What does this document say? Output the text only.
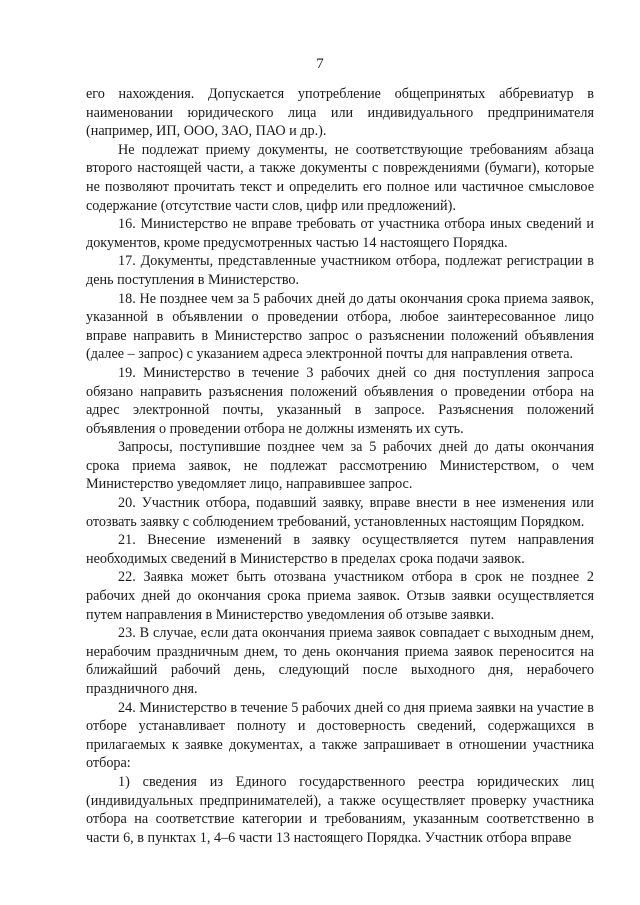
7

его нахождения. Допускается употребление общепринятых аббревиатур в наименовании юридического лица или индивидуального предпринимателя (например, ИП, ООО, ЗАО, ПАО и др.).

Не подлежат приему документы, не соответствующие требованиям абзаца второго настоящей части, а также документы с повреждениями (бумаги), которые не позволяют прочитать текст и определить его полное или частичное смысловое содержание (отсутствие части слов, цифр или предложений).

16. Министерство не вправе требовать от участника отбора иных сведений и документов, кроме предусмотренных частью 14 настоящего Порядка.

17. Документы, представленные участником отбора, подлежат регистрации в день поступления в Министерство.

18. Не позднее чем за 5 рабочих дней до даты окончания срока приема заявок, указанной в объявлении о проведении отбора, любое заинтересованное лицо вправе направить в Министерство запрос о разъяснении положений объявления (далее – запрос) с указанием адреса электронной почты для направления ответа.

19. Министерство в течение 3 рабочих дней со дня поступления запроса обязано направить разъяснения положений объявления о проведении отбора на адрес электронной почты, указанный в запросе. Разъяснения положений объявления о проведении отбора не должны изменять их суть.

Запросы, поступившие позднее чем за 5 рабочих дней до даты окончания срока приема заявок, не подлежат рассмотрению Министерством, о чем Министерство уведомляет лицо, направившее запрос.

20. Участник отбора, подавший заявку, вправе внести в нее изменения или отозвать заявку с соблюдением требований, установленных настоящим Порядком.

21. Внесение изменений в заявку осуществляется путем направления необходимых сведений в Министерство в пределах срока подачи заявок.

22. Заявка может быть отозвана участником отбора в срок не позднее 2 рабочих дней до окончания срока приема заявок. Отзыв заявки осуществляется путем направления в Министерство уведомления об отзыве заявки.

23. В случае, если дата окончания приема заявок совпадает с выходным днем, нерабочим праздничным днем, то день окончания приема заявок переносится на ближайший рабочий день, следующий после выходного дня, нерабочего праздничного дня.

24. Министерство в течение 5 рабочих дней со дня приема заявки на участие в отборе устанавливает полноту и достоверность сведений, содержащихся в прилагаемых к заявке документах, а также запрашивает в отношении участника отбора:

1) сведения из Единого государственного реестра юридических лиц (индивидуальных предпринимателей), а также осуществляет проверку участника отбора на соответствие категории и требованиям, указанным соответственно в части 6, в пунктах 1, 4–6 части 13 настоящего Порядка. Участник отбора вправе
